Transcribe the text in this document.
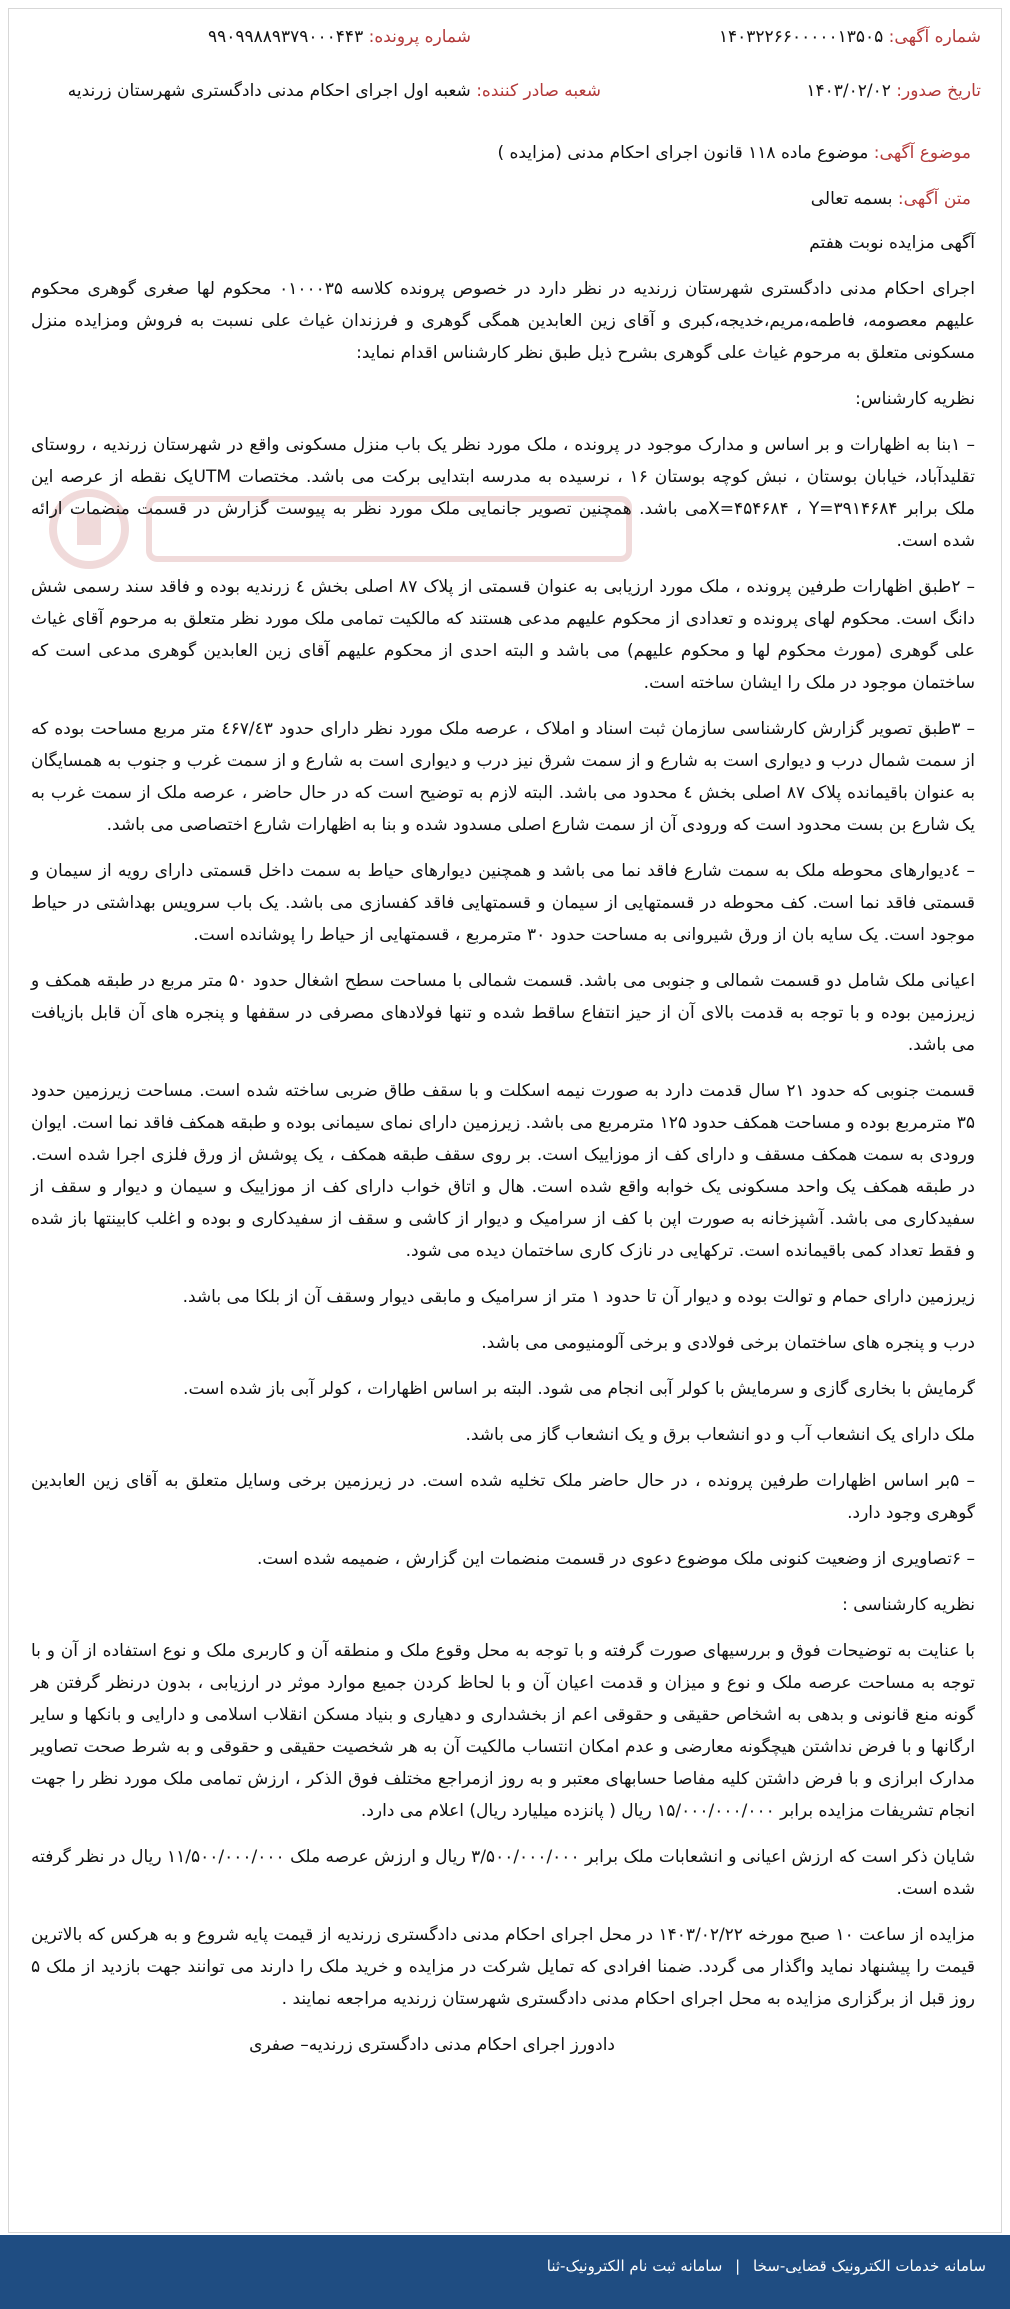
شماره آگهی: ۱۴۰۳۲۲۶۶۰۰۰۰۰۱۳۵۰۵
شماره پرونده: ۹۹۰۹۹۸۸۹۳۷۹۰۰۰۴۴۳
تاریخ صدور: ۱۴۰۳/۰۲/۰۲
شعبه صادر کننده: شعبه اول اجرای احکام مدنی دادگستری شهرستان زرندیه
موضوع آگهی: موضوع ماده ۱۱۸ قانون اجرای احکام مدنی (مزایده )
متن آگهی: بسمه تعالی

آگهی مزایده نوبت هفتم

اجرای احکام مدنی دادگستری شهرستان زرندیه در نظر دارد در خصوص پرونده کلاسه ۰۱۰۰۰۳۵ محکوم لها صغری گوهری محکوم علیهم معصومه، فاطمه،مریم،خدیجه،کبری و آقای زین العابدین همگی گوهری و فرزندان غیاث علی نسبت به فروش ومزایده منزل مسکونی متعلق به مرحوم غیاث علی گوهری بشرح ذیل طبق نظر کارشناس اقدام نماید:

نظریه کارشناس:

– ۱بنا به اظهارات و بر اساس و مدارک موجود در پرونده ، ملک مورد نظر یک باب منزل مسکونی واقع در شهرستان زرندیه ، روستای تقلیدآباد، خیابان بوستان ، نبش کوچه بوستان ۱۶ ، نرسیده به مدرسه ابتدایی برکت می باشد. مختصات UTMیک نقطه از عرصه این ملک برابر X=۴۵۴۶۸۴ ، Y=۳۹۱۴۶۸۴می باشد. همچنین تصویر جانمایی ملک مورد نظر به پیوست گزارش در قسمت منضمات ارائه شده است.

– ۲طبق اظهارات طرفین پرونده ، ملک مورد ارزیابی به عنوان قسمتی از پلاک ۸۷ اصلی بخش ٤ زرندیه بوده و فاقد سند رسمی شش دانگ است. محکوم لهای پرونده و تعدادی از محکوم علیهم مدعی هستند که مالکیت تمامی ملک مورد نظر متعلق به مرحوم آقای غیاث علی گوهری (مورث محکوم لها و محکوم علیهم) می باشد و البته احدی از محکوم علیهم آقای زین العابدین گوهری مدعی است که ساختمان موجود در ملک را ایشان ساخته است.

– ۳طبق تصویر گزارش کارشناسی سازمان ثبت اسناد و املاک ، عرصه ملک مورد نظر دارای حدود ٤۶۷/٤۳ متر مربع مساحت بوده که از سمت شمال درب و دیواری است به شارع و از سمت شرق نیز درب و دیواری است به شارع و از سمت غرب و جنوب به همسایگان به عنوان باقیمانده پلاک ۸۷ اصلی بخش ٤ محدود می باشد. البته لازم به توضیح است که در حال حاضر ، عرصه ملک از سمت غرب به یک شارع بن بست محدود است که ورودی آن از سمت شارع اصلی مسدود شده و بنا به اظهارات شارع اختصاصی می باشد.

– ٤دیوارهای محوطه ملک به سمت شارع فاقد نما می باشد و همچنین دیوارهای حیاط به سمت داخل قسمتی دارای رویه از سیمان و قسمتی فاقد نما است. کف محوطه در قسمتهایی از سیمان و قسمتهایی فاقد کفسازی می باشد. یک باب سرویس بهداشتی در حیاط موجود است. یک سایه بان از ورق شیروانی به مساحت حدود ۳۰ مترمربع ، قسمتهایی از حیاط را پوشانده است.

اعیانی ملک شامل دو قسمت شمالی و جنوبی می باشد. قسمت شمالی با مساحت سطح اشغال حدود ۵۰ متر مربع در طبقه همکف و زیرزمین بوده و با توجه به قدمت بالای آن از حیز انتفاع ساقط شده و تنها فولادهای مصرفی در سقفها و پنجره های آن قابل بازیافت می باشد.

قسمت جنوبی که حدود ۲۱ سال قدمت دارد به صورت نیمه اسکلت و با سقف طاق ضربی ساخته شده است. مساحت زیرزمین حدود ۳۵ مترمربع بوده و مساحت همکف حدود ۱۲۵ مترمربع می باشد. زیرزمین دارای نمای سیمانی بوده و طبقه همکف فاقد نما است. ایوان ورودی به سمت همکف مسقف و دارای کف از موزاییک است. بر روی سقف طبقه همکف ، یک پوشش از ورق فلزی اجرا شده است. در طبقه همکف یک واحد مسکونی یک خوابه واقع شده است. هال و اتاق خواب دارای کف از موزاییک و سیمان و دیوار و سقف از سفیدکاری می باشد. آشپزخانه به صورت اپن با کف از سرامیک و دیوار از کاشی و سقف از سفیدکاری و بوده و اغلب کابینتها باز شده و فقط تعداد کمی باقیمانده است. ترکهایی در نازک کاری ساختمان دیده می شود.

زیرزمین دارای حمام و توالت بوده و دیوار آن تا حدود ۱ متر از سرامیک و مابقی دیوار وسقف آن از بلکا می باشد.

درب و پنجره های ساختمان برخی فولادی و برخی آلومنیومی می باشد.

گرمایش با بخاری گازی و سرمایش با کولر آبی انجام می شود. البته بر اساس اظهارات ، کولر آبی باز شده است.

ملک دارای یک انشعاب آب و دو انشعاب برق و یک انشعاب گاز می باشد.

– ۵بر اساس اظهارات طرفین پرونده ، در حال حاضر ملک تخلیه شده است. در زیرزمین برخی وسایل متعلق به آقای زین العابدین گوهری وجود دارد.

– ۶تصاویری از وضعیت کنونی ملک موضوع دعوی در قسمت منضمات این گزارش ، ضمیمه شده است.

نظریه کارشناسی :

با عنایت به توضیحات فوق و بررسیهای صورت گرفته و با توجه به محل وقوع ملک و منطقه آن و کاربری ملک و نوع استفاده از آن و با توجه به مساحت عرصه ملک و نوع و میزان و قدمت اعیان آن و با لحاظ کردن جمیع موارد موثر در ارزیابی ، بدون درنظر گرفتن هر گونه منع قانونی و بدهی به اشخاص حقیقی و حقوقی اعم از بخشداری و دهیاری و بنیاد مسکن انقلاب اسلامی و دارایی و بانکها و سایر ارگانها و با فرض نداشتن هیچگونه معارضی و عدم امکان انتساب مالکیت آن به هر شخصیت حقیقی و حقوقی و به شرط صحت تصاویر مدارک ابرازی و با فرض داشتن کلیه مفاصا حسابهای معتبر و به روز ازمراجع مختلف فوق الذکر ، ارزش تمامی ملک مورد نظر را جهت انجام تشریفات مزایده برابر ۱۵/۰۰۰/۰۰۰/۰۰۰ ریال ( پانزده میلیارد ریال) اعلام می دارد.

شایان ذکر است که ارزش اعیانی و انشعابات ملک برابر ۳/۵۰۰/۰۰۰/۰۰۰ ریال و ارزش عرصه ملک ۱۱/۵۰۰/۰۰۰/۰۰۰ ریال در نظر گرفته شده است.

مزایده از ساعت ۱۰ صبح مورخه ۱۴۰۳/۰۲/۲۲ در محل اجرای احکام مدنی دادگستری زرندیه از قیمت پایه شروع و به هرکس که بالاترین قیمت را پیشنهاد نماید واگذار می گردد. ضمنا افرادی که تمایل شرکت در مزایده و خرید ملک را دارند می توانند جهت بازدید از ملک ۵ روز قبل از برگزاری مزایده به محل اجرای احکام مدنی دادگستری شهرستان زرندیه مراجعه نمایند .

دادورز اجرای احکام مدنی دادگستری زرندیه– صفری

سامانه خدمات الکترونیک قضایی-سخا | سامانه ثبت نام الکترونیک-ثنا
